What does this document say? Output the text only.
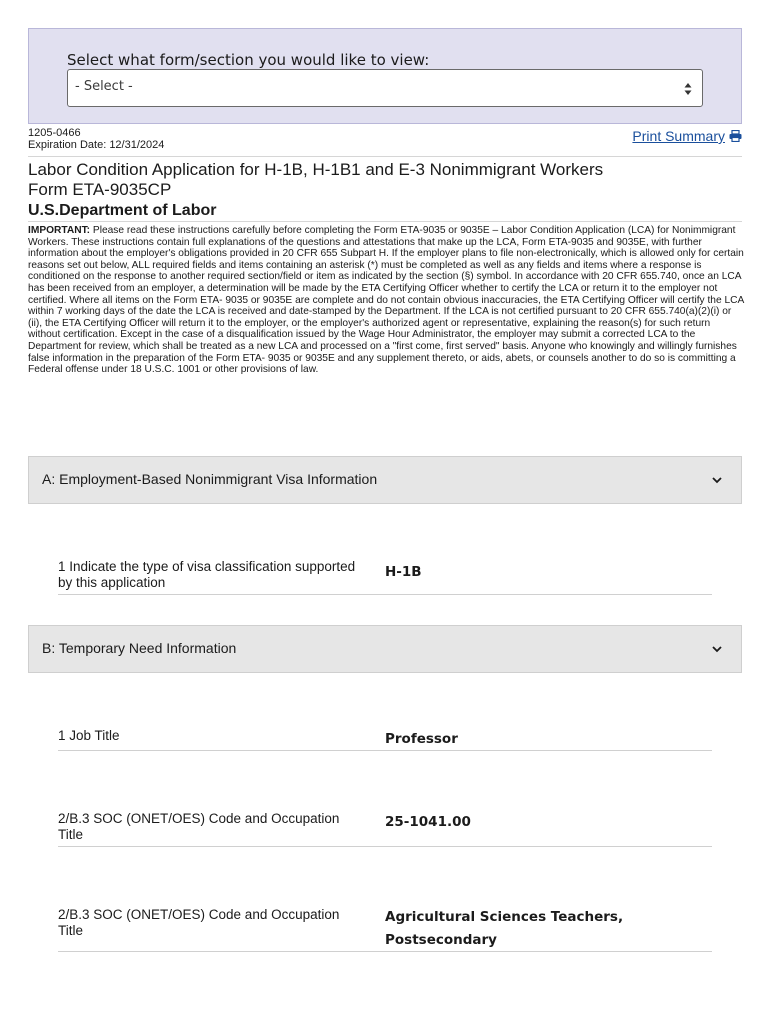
Select what form/section you would like to view:
- Select -
1205-0466
Expiration Date: 12/31/2024
Print Summary
Labor Condition Application for H-1B, H-1B1 and E-3 Nonimmigrant Workers
Form ETA-9035CP
U.S.Department of Labor
IMPORTANT: Please read these instructions carefully before completing the Form ETA-9035 or 9035E – Labor Condition Application (LCA) for Nonimmigrant Workers. These instructions contain full explanations of the questions and attestations that make up the LCA, Form ETA-9035 and 9035E, with further information about the employer's obligations provided in 20 CFR 655 Subpart H. If the employer plans to file non-electronically, which is allowed only for certain reasons set out below, ALL required fields and items containing an asterisk (*) must be completed as well as any fields and items where a response is conditioned on the response to another required section/field or item as indicated by the section (§) symbol. In accordance with 20 CFR 655.740, once an LCA has been received from an employer, a determination will be made by the ETA Certifying Officer whether to certify the LCA or return it to the employer not certified. Where all items on the Form ETA- 9035 or 9035E are complete and do not contain obvious inaccuracies, the ETA Certifying Officer will certify the LCA within 7 working days of the date the LCA is received and date-stamped by the Department. If the LCA is not certified pursuant to 20 CFR 655.740(a)(2)(i) or (ii), the ETA Certifying Officer will return it to the employer, or the employer's authorized agent or representative, explaining the reason(s) for such return without certification. Except in the case of a disqualification issued by the Wage Hour Administrator, the employer may submit a corrected LCA to the Department for review, which shall be treated as a new LCA and processed on a "first come, first served" basis. Anyone who knowingly and willingly furnishes false information in the preparation of the Form ETA- 9035 or 9035E and any supplement thereto, or aids, abets, or counsels another to do so is committing a Federal offense under 18 U.S.C. 1001 or other provisions of law.
A: Employment-Based Nonimmigrant Visa Information
1 Indicate the type of visa classification supported by this application
H-1B
B: Temporary Need Information
1 Job Title	Professor
2/B.3 SOC (ONET/OES) Code and Occupation Title
25-1041.00
2/B.3 SOC (ONET/OES) Code and Occupation Title
Agricultural Sciences Teachers, Postsecondary
